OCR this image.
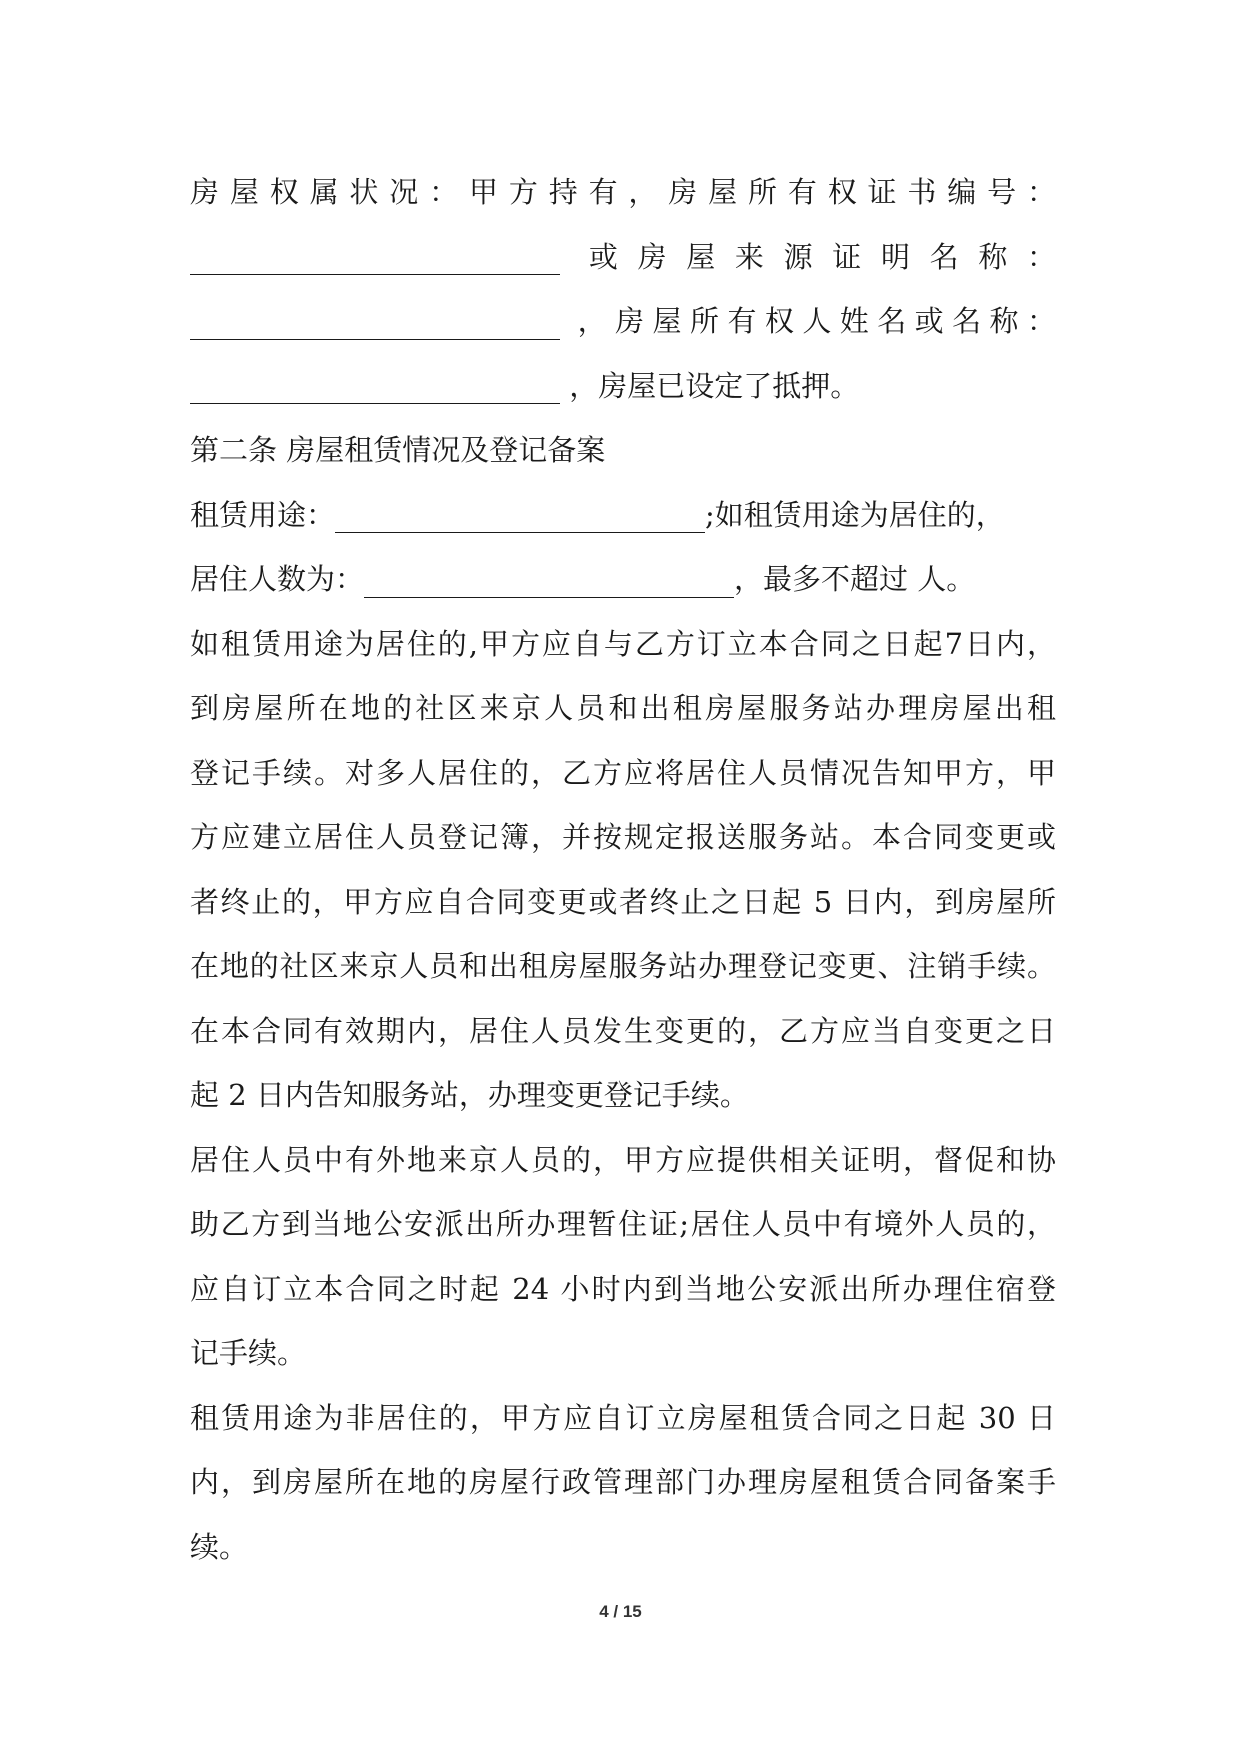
房屋权属状况：甲方持有，房屋所有权证书编号：
或房屋来源证明名称：
，房屋所有权人姓名或名称：
，房屋已设定了抵押。
第二条 房屋租赁情况及登记备案
租赁用途：	;如租赁用途为居住的，
居住人数为：	，最多不超过 人。
如租赁用途为居住的,甲方应自与乙方订立本合同之日起7日内，
到房屋所在地的社区来京人员和出租房屋服务站办理房屋出租
登记手续。对多人居住的，乙方应将居住人员情况告知甲方，甲
方应建立居住人员登记簿，并按规定报送服务站。本合同变更或
者终止的，甲方应自合同变更或者终止之日起 5 日内，到房屋所
在地的社区来京人员和出租房屋服务站办理登记变更、注销手续。
在本合同有效期内，居住人员发生变更的，乙方应当自变更之日
起 2 日内告知服务站，办理变更登记手续。
居住人员中有外地来京人员的，甲方应提供相关证明，督促和协
助乙方到当地公安派出所办理暂住证;居住人员中有境外人员的，
应自订立本合同之时起 24 小时内到当地公安派出所办理住宿登
记手续。
租赁用途为非居住的，甲方应自订立房屋租赁合同之日起 30 日
内，到房屋所在地的房屋行政管理部门办理房屋租赁合同备案手
续。
4 / 15
